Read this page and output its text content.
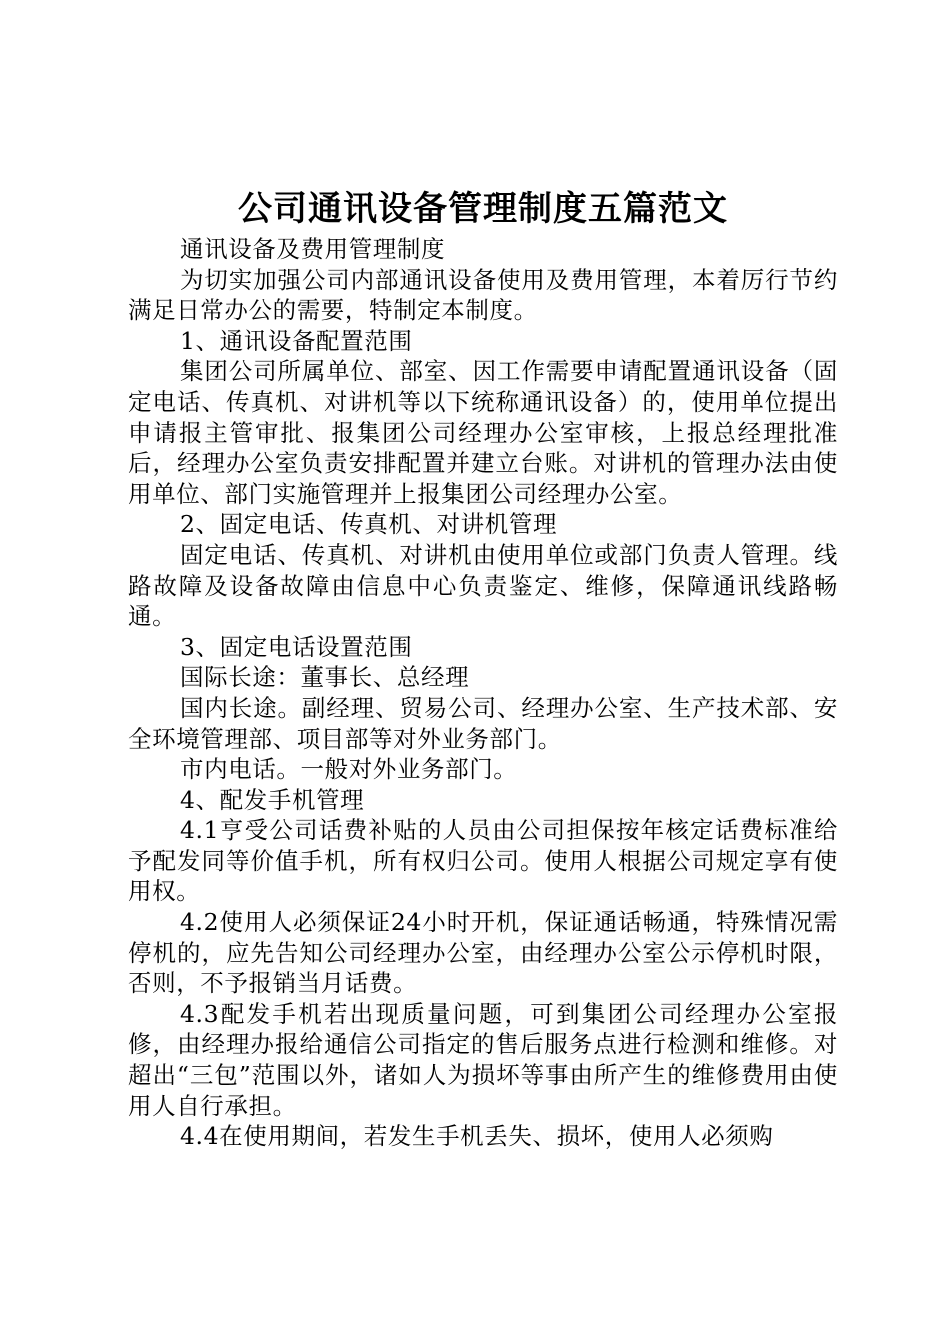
公司通讯设备管理制度五篇范文

通讯设备及费用管理制度

为切实加强公司内部通讯设备使用及费用管理，本着厉行节约满足日常办公的需要，特制定本制度。

1、通讯设备配置范围

集团公司所属单位、部室、因工作需要申请配置通讯设备（固定电话、传真机、对讲机等以下统称通讯设备）的，使用单位提出申请报主管审批、报集团公司经理办公室审核，上报总经理批准后，经理办公室负责安排配置并建立台账。对讲机的管理办法由使用单位、部门实施管理并上报集团公司经理办公室。

2、固定电话、传真机、对讲机管理

固定电话、传真机、对讲机由使用单位或部门负责人管理。线路故障及设备故障由信息中心负责鉴定、维修，保障通讯线路畅通。

3、固定电话设置范围

国际长途：董事长、总经理

国内长途。副经理、贸易公司、经理办公室、生产技术部、安全环境管理部、项目部等对外业务部门。

市内电话。一般对外业务部门。

4、配发手机管理

4.1亨受公司话费补贴的人员由公司担保按年核定话费标准给予配发同等价值手机，所有权归公司。使用人根据公司规定享有使用权。

4.2使用人必须保证24小时开机，保证通话畅通，特殊情况需停机的，应先告知公司经理办公室，由经理办公室公示停机时限，否则，不予报销当月话费。

4.3配发手机若出现质量问题，可到集团公司经理办公室报修，由经理办报给通信公司指定的售后服务点进行检测和维修。对超出“三包”范围以外，诸如人为损坏等事由所产生的维修费用由使用人自行承担。

4.4在使用期间，若发生手机丢失、损坏，使用人必须购
